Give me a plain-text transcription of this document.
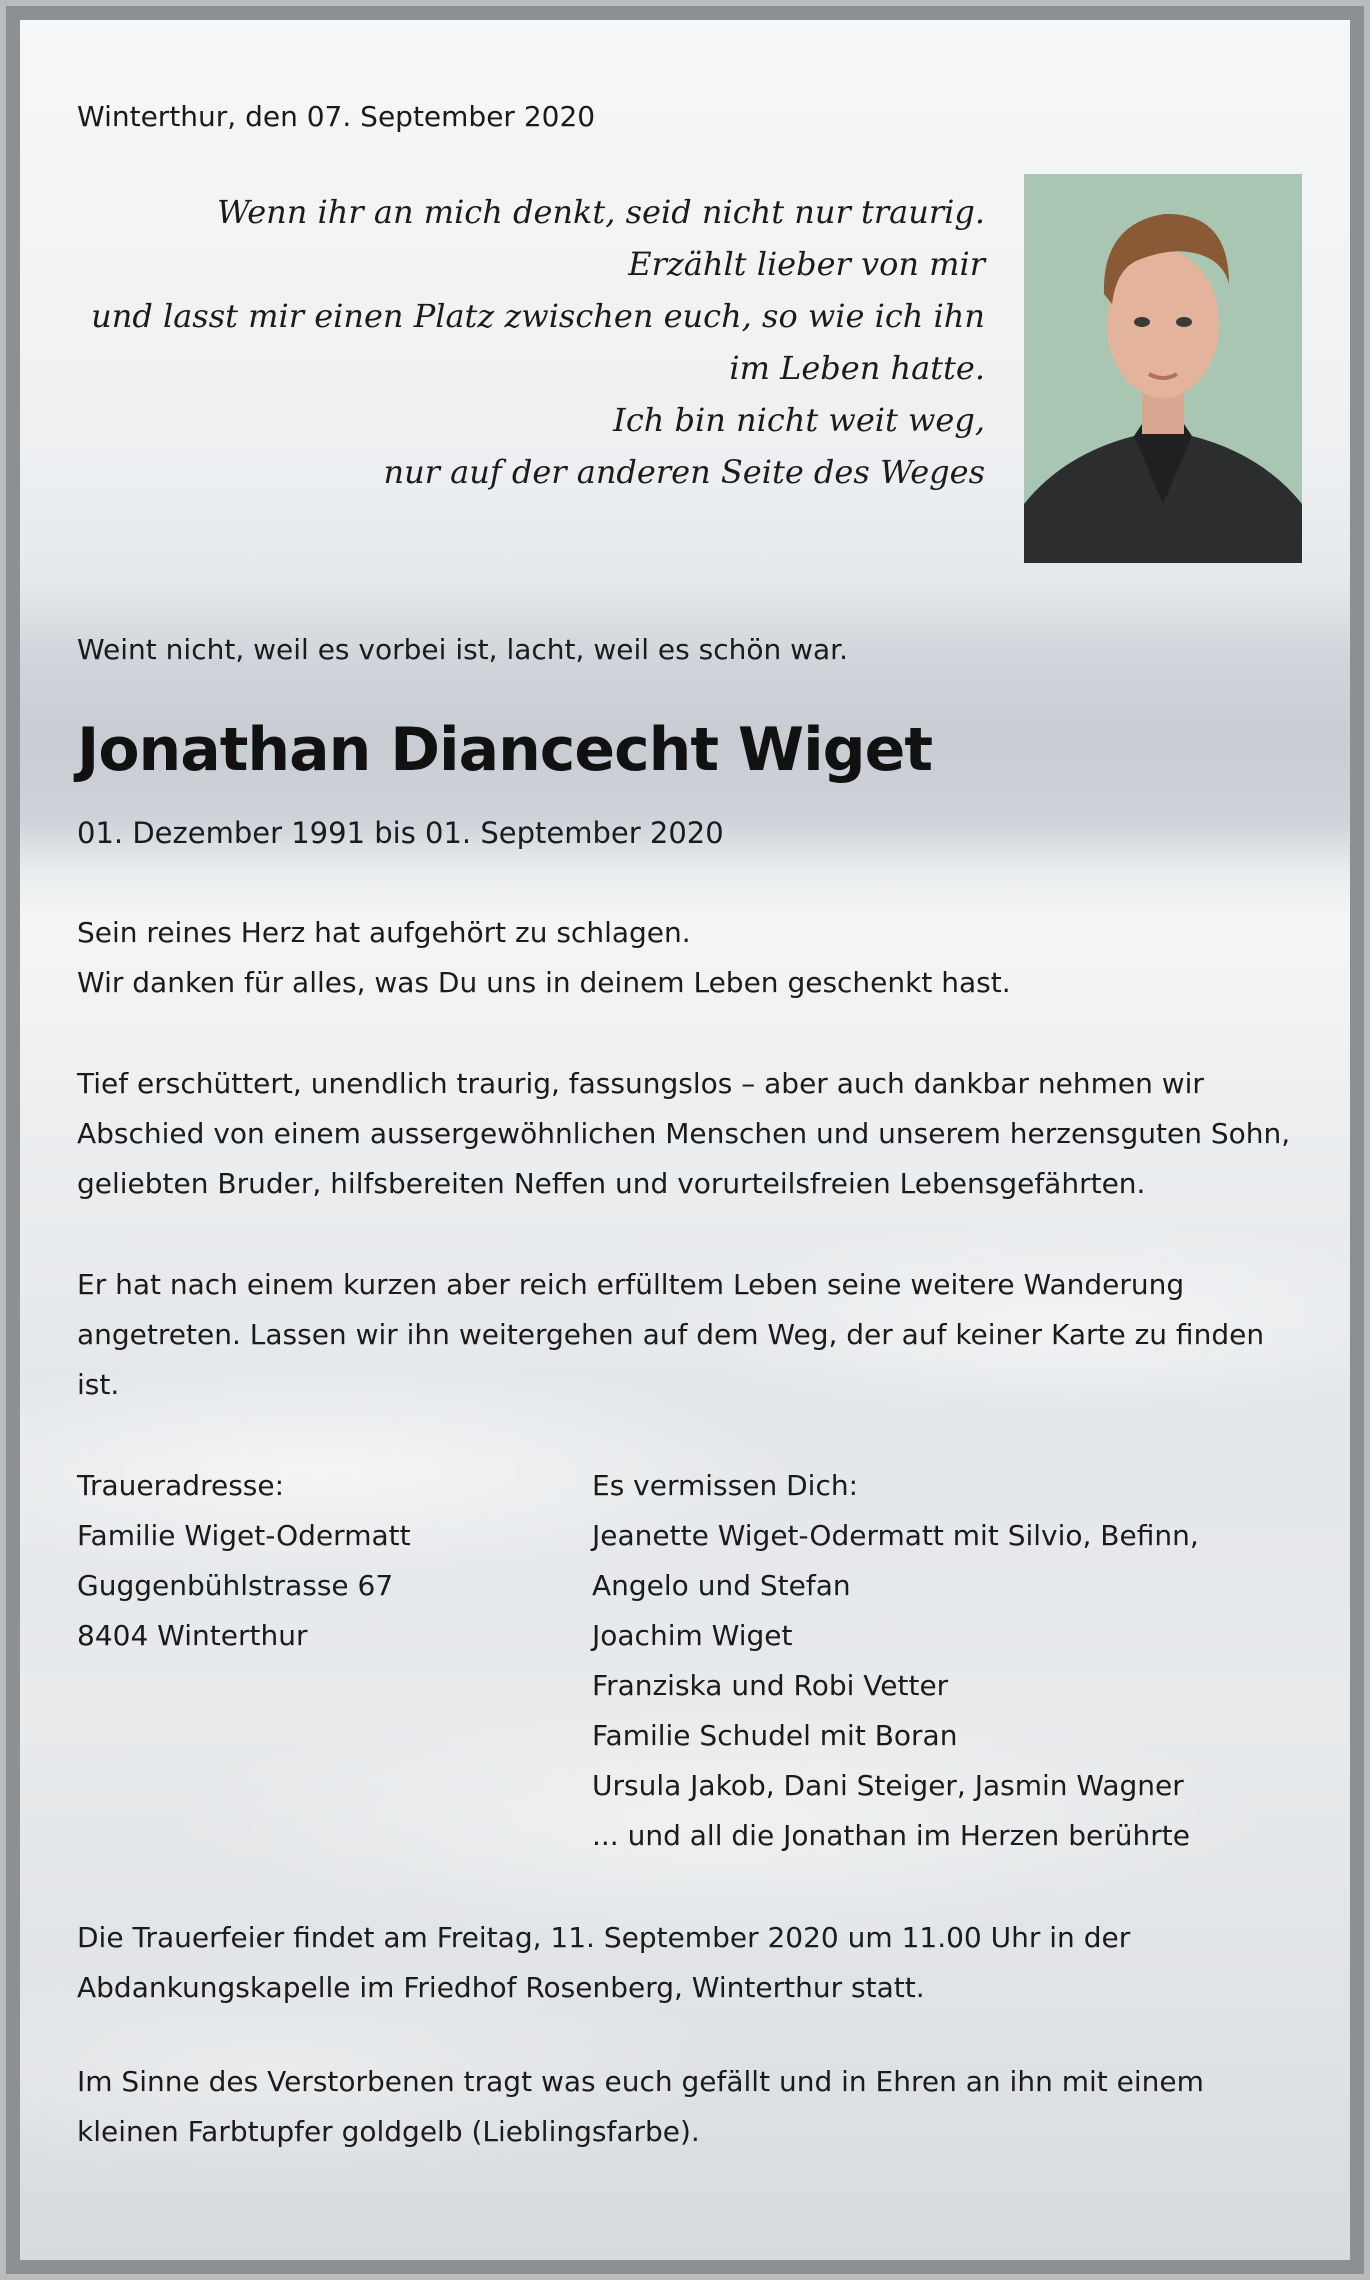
Winterthur, den 07. September 2020

Wenn ihr an mich denkt, seid nicht nur traurig.
Erzählt lieber von mir
und lasst mir einen Platz zwischen euch, so wie ich ihn
im Leben hatte.
Ich bin nicht weit weg,
nur auf der anderen Seite des Weges

Weint nicht, weil es vorbei ist, lacht, weil es schön war.

Jonathan Diancecht Wiget

01. Dezember 1991 bis 01. September 2020

Sein reines Herz hat aufgehört zu schlagen.
Wir danken für alles, was Du uns in deinem Leben geschenkt hast.
Tief erschüttert, unendlich traurig, fassungslos – aber auch dankbar nehmen wir
Abschied von einem aussergewöhnlichen Menschen und unserem herzensguten Sohn,
geliebten Bruder, hilfsbereiten Neffen und vorurteilsfreien Lebensgefährten.
Er hat nach einem kurzen aber reich erfülltem Leben seine weitere Wanderung
angetreten. Lassen wir ihn weitergehen auf dem Weg, der auf keiner Karte zu finden
ist.
Traueradresse:
Familie Wiget-Odermatt
Guggenbühlstrasse 67
8404 Winterthur
Es vermissen Dich:
Jeanette Wiget-Odermatt mit Silvio, Befinn,
Angelo und Stefan
Joachim Wiget
Franziska und Robi Vetter
Familie Schudel mit Boran
Ursula Jakob, Dani Steiger, Jasmin Wagner
... und all die Jonathan im Herzen berührte
Die Trauerfeier findet am Freitag, 11. September 2020 um 11.00 Uhr in der
Abdankungskapelle im Friedhof Rosenberg, Winterthur statt.
Im Sinne des Verstorbenen tragt was euch gefällt und in Ehren an ihn mit einem
kleinen Farbtupfer goldgelb (Lieblingsfarbe).
